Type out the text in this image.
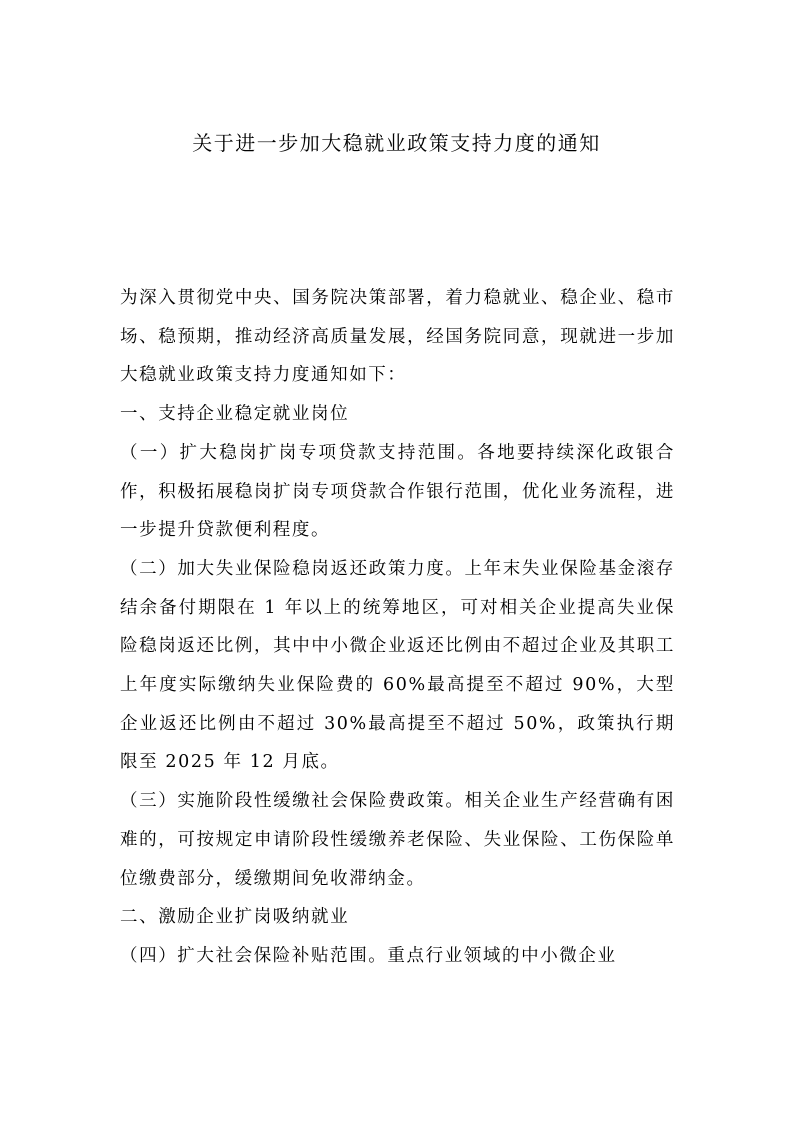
关于进一步加大稳就业政策支持力度的通知

为深入贯彻党中央、国务院决策部署，着力稳就业、稳企业、稳市场、稳预期，推动经济高质量发展，经国务院同意，现就进一步加大稳就业政策支持力度通知如下：

一、支持企业稳定就业岗位

（一）扩大稳岗扩岗专项贷款支持范围。各地要持续深化政银合作，积极拓展稳岗扩岗专项贷款合作银行范围，优化业务流程，进一步提升贷款便利程度。

（二）加大失业保险稳岗返还政策力度。上年末失业保险基金滚存结余备付期限在 1 年以上的统筹地区，可对相关企业提高失业保险稳岗返还比例，其中中小微企业返还比例由不超过企业及其职工上年度实际缴纳失业保险费的 60%最高提至不超过 90%，大型企业返还比例由不超过 30%最高提至不超过 50%，政策执行期限至 2025 年 12 月底。

（三）实施阶段性缓缴社会保险费政策。相关企业生产经营确有困难的，可按规定申请阶段性缓缴养老保险、失业保险、工伤保险单位缴费部分，缓缴期间免收滞纳金。

二、激励企业扩岗吸纳就业

（四）扩大社会保险补贴范围。重点行业领域的中小微企业
